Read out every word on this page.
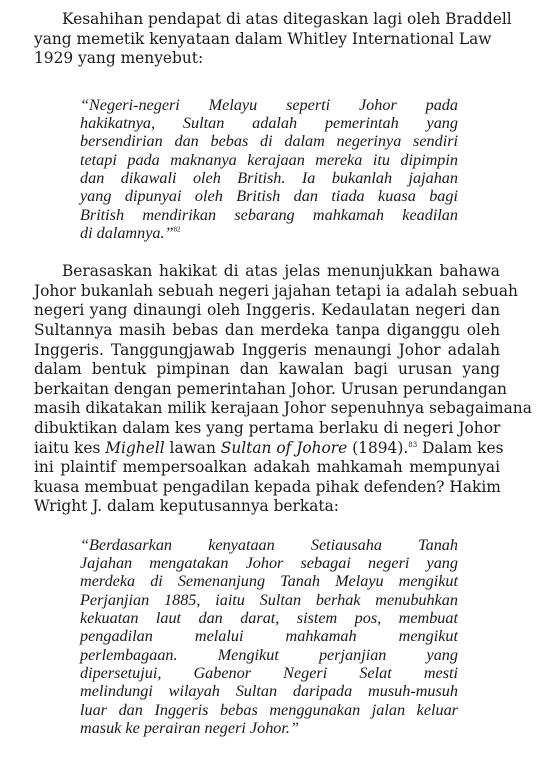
Kesahihan pendapat di atas ditegaskan lagi oleh Braddell
yang memetik kenyataan dalam Whitley International Law
1929 yang menyebut:
“Negeri-negeri Melayu seperti Johor pada
hakikatnya, Sultan adalah pemerintah yang
bersendirian dan bebas di dalam negerinya sendiri
tetapi pada maknanya kerajaan mereka itu dipimpin
dan dikawali oleh British. Ia bukanlah jajahan
yang dipunyai oleh British dan tiada kuasa bagi
British mendirikan sebarang mahkamah keadilan
di dalamnya.”$^{82}$
Berasaskan hakikat di atas jelas menunjukkan bahawa
Johor bukanlah sebuah negeri jajahan tetapi ia adalah sebuah
negeri yang dinaungi oleh Inggeris. Kedaulatan negeri dan
Sultannya masih bebas dan merdeka tanpa diganggu oleh
Inggeris. Tanggungjawab Inggeris menaungi Johor adalah
dalam bentuk pimpinan dan kawalan bagi urusan yang
berkaitan dengan pemerintahan Johor. Urusan perundangan
masih dikatakan milik kerajaan Johor sepenuhnya sebagaimana
dibuktikan dalam kes yang pertama berlaku di negeri Johor
iaitu kes Mighell lawan Sultan of Johore (1894).$^{83}$ Dalam kes
ini plaintif mempersoalkan adakah mahkamah mempunyai
kuasa membuat pengadilan kepada pihak defenden? Hakim
Wright J. dalam keputusannya berkata:
“Berdasarkan kenyataan Setiausaha Tanah
Jajahan mengatakan Johor sebagai negeri yang
merdeka di Semenanjung Tanah Melayu mengikut
Perjanjian 1885, iaitu Sultan berhak menubuhkan
kekuatan laut dan darat, sistem pos, membuat
pengadilan melalui mahkamah mengikut
perlembagaan. Mengikut perjanjian yang
dipersetujui, Gabenor Negeri Selat mesti
melindungi wilayah Sultan daripada musuh-musuh
luar dan Inggeris bebas menggunakan jalan keluar
masuk ke perairan negeri Johor.”
